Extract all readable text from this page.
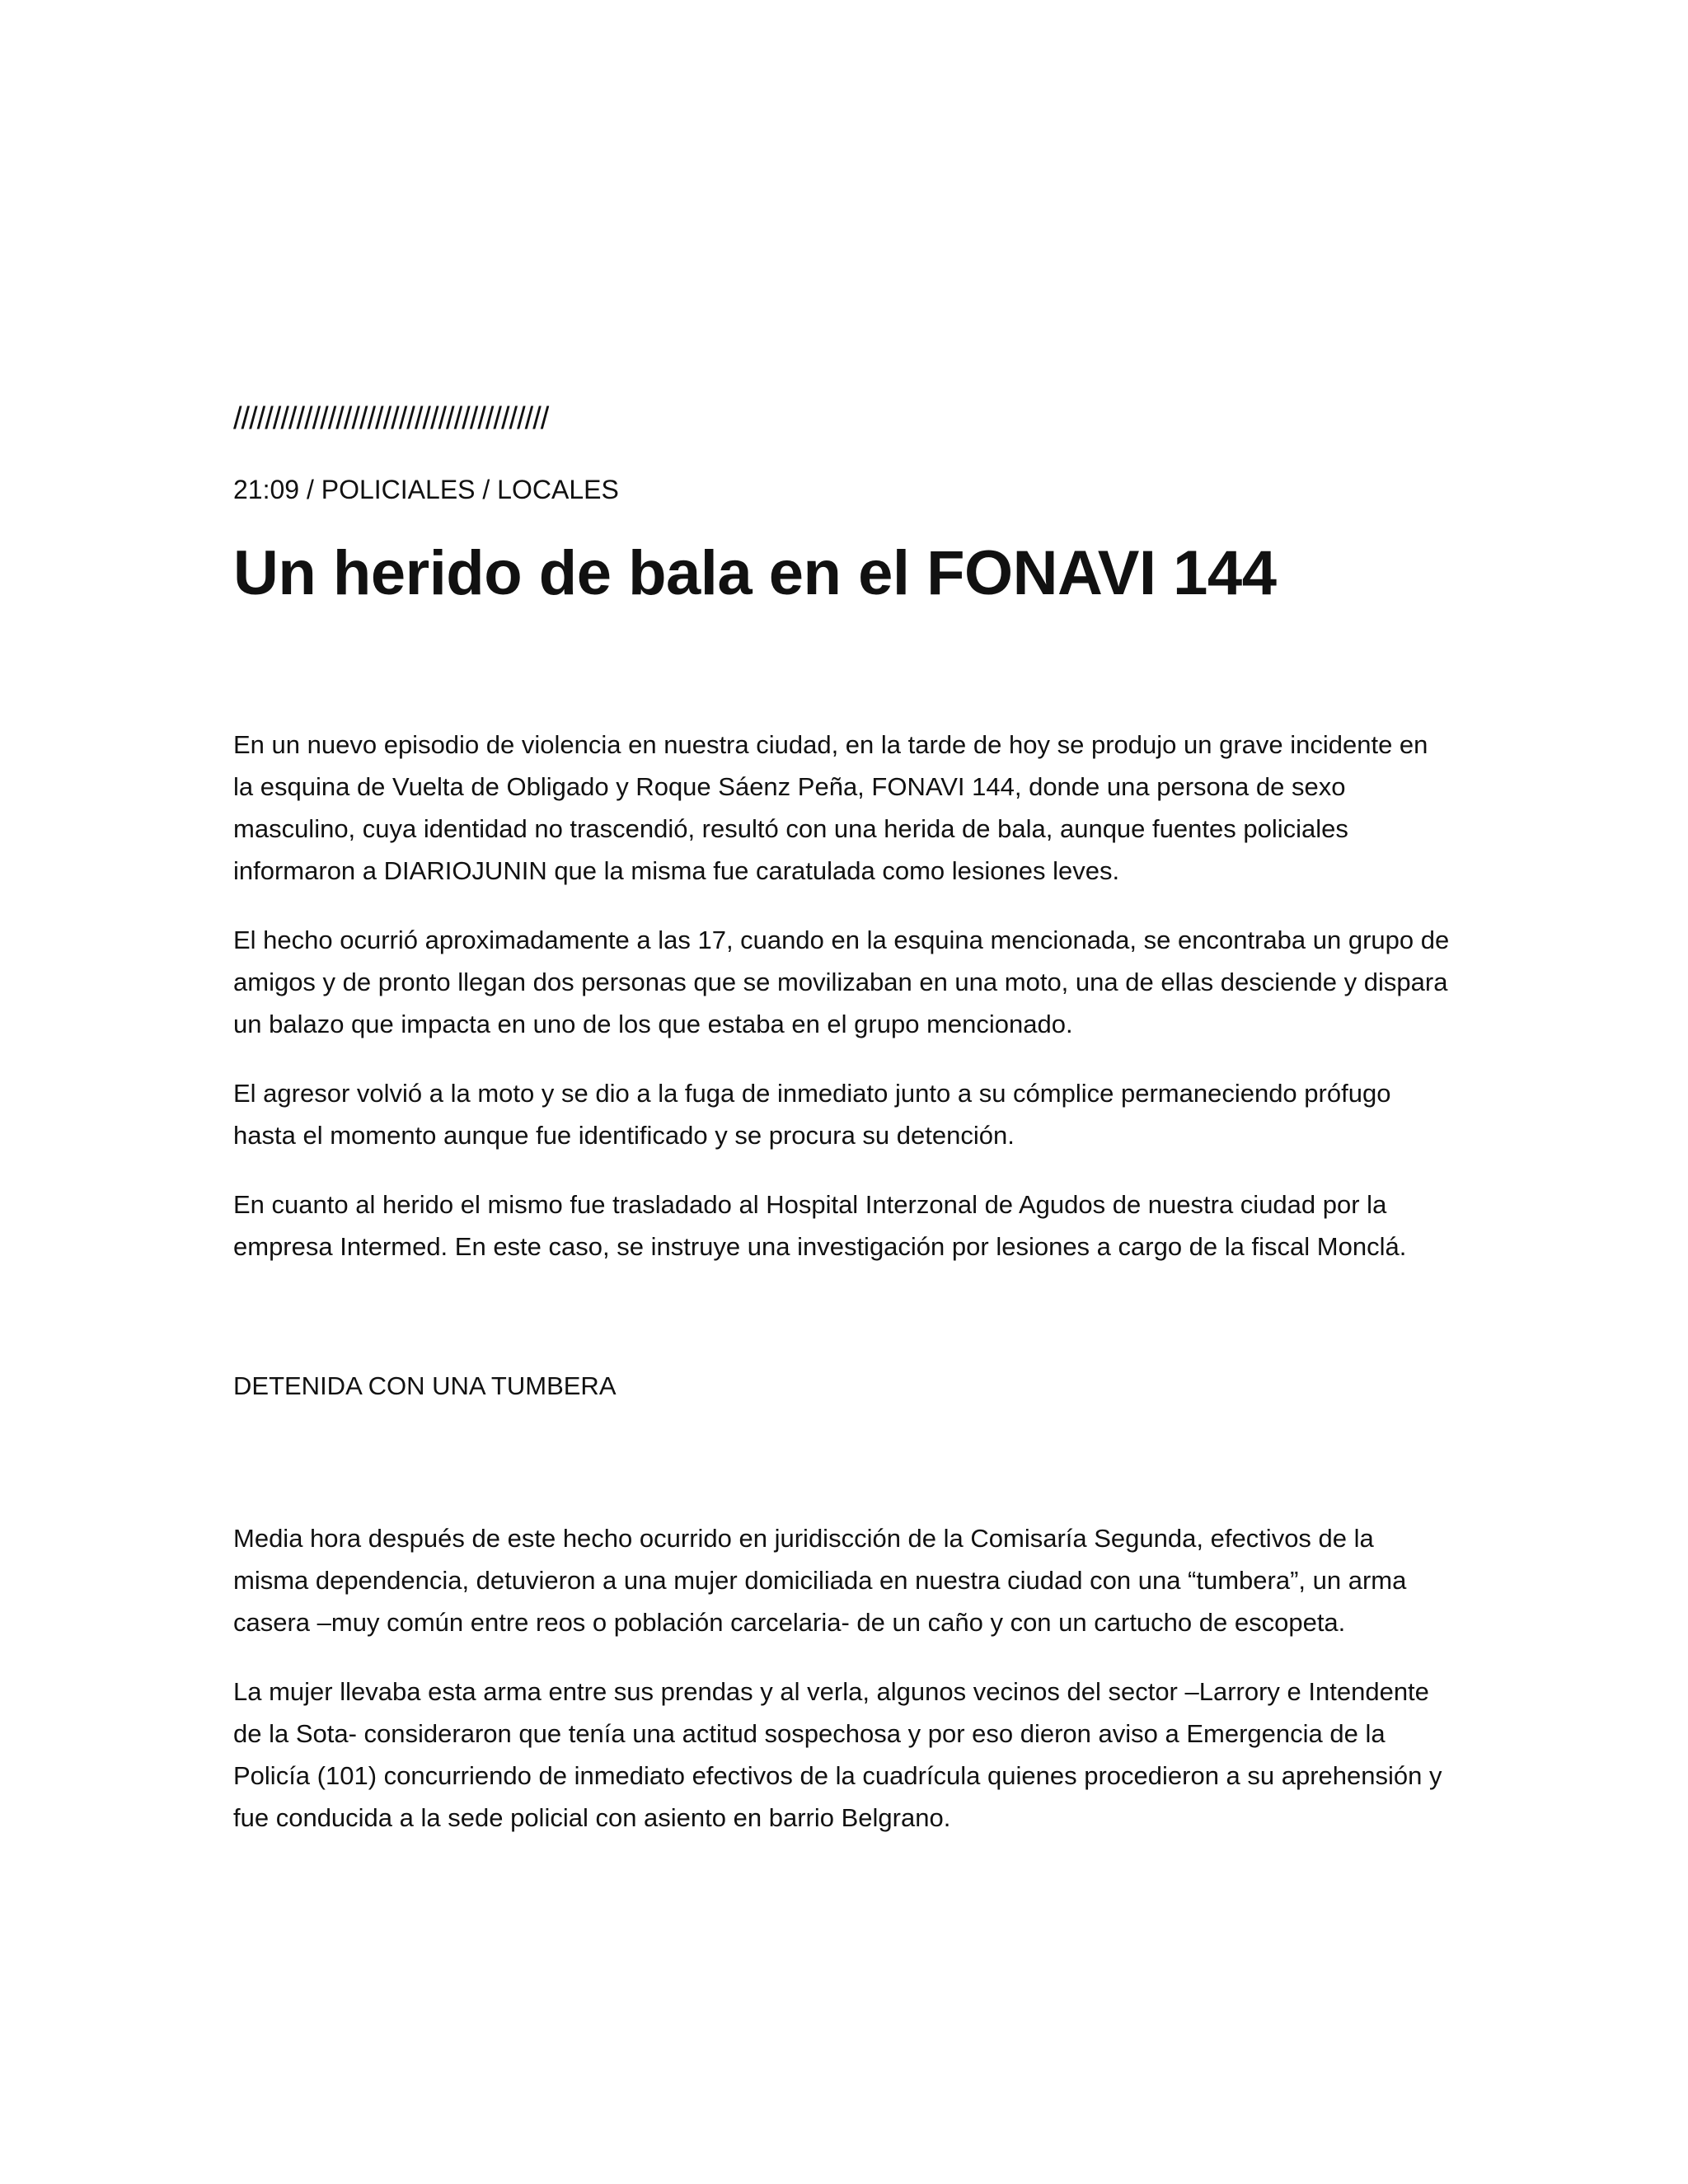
////////////////////////////////////////

21:09 / POLICIALES / LOCALES

Un herido de bala en el FONAVI 144

En un nuevo episodio de violencia en nuestra ciudad, en la tarde de hoy se produjo un grave incidente en la esquina de Vuelta de Obligado y Roque Sáenz Peña, FONAVI 144, donde una persona de sexo masculino, cuya identidad no trascendió, resultó con una herida de bala, aunque fuentes policiales informaron a DIARIOJUNIN que la misma fue caratulada como lesiones leves.

El hecho ocurrió aproximadamente a las 17, cuando en la esquina mencionada, se encontraba un grupo de amigos y de pronto llegan dos personas que se movilizaban en una moto, una de ellas desciende y dispara un balazo que impacta en uno de los que estaba en el grupo mencionado.

El agresor volvió a la moto y se dio a la fuga de inmediato junto a su cómplice permaneciendo prófugo hasta el momento aunque fue identificado y se procura su detención.

En cuanto al herido el mismo fue trasladado al Hospital Interzonal de Agudos de nuestra ciudad por la empresa Intermed. En este caso, se instruye una investigación por lesiones a cargo de la fiscal Monclá.

DETENIDA CON UNA TUMBERA

Media hora después de este hecho ocurrido en juridiscción de la Comisaría Segunda, efectivos de la misma dependencia, detuvieron a una mujer domiciliada en nuestra ciudad con una “tumbera”, un arma casera –muy común entre reos o población carcelaria- de un caño y con un cartucho de escopeta.

La mujer llevaba esta arma entre sus prendas y al verla, algunos vecinos del sector –Larrory e Intendente de la Sota- consideraron que tenía una actitud sospechosa y por eso dieron aviso a Emergencia de la Policía (101) concurriendo de inmediato efectivos de la cuadrícula quienes procedieron a su aprehensión y fue conducida a la sede policial con asiento en barrio Belgrano.
